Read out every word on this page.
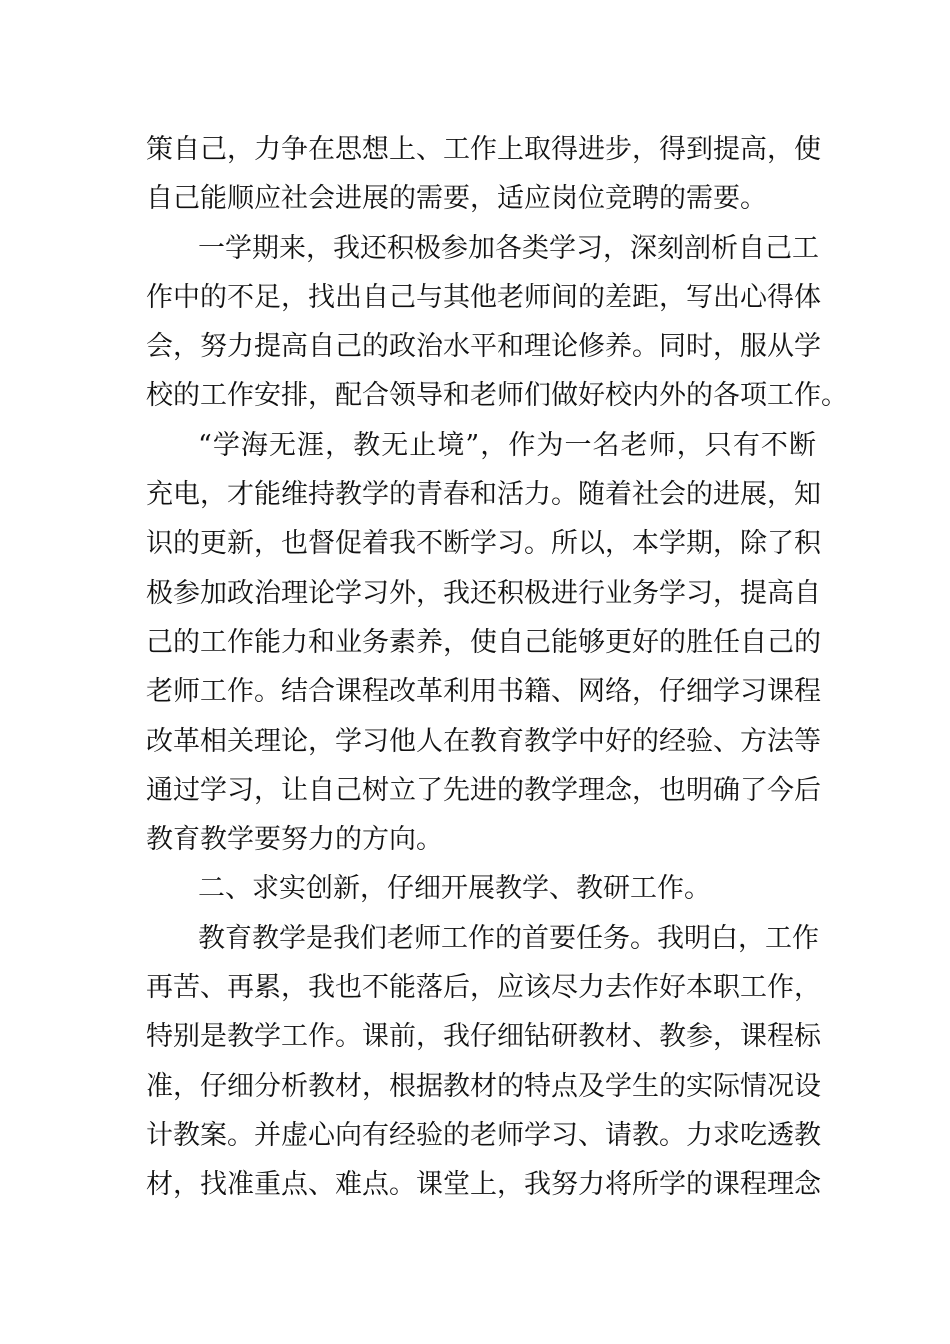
策自己，力争在思想上、工作上取得进步，得到提高，使
自己能顺应社会进展的需要，适应岗位竞聘的需要。
一学期来，我还积极参加各类学习，深刻剖析自己工
作中的不足，找出自己与其他老师间的差距，写出心得体
会，努力提高自己的政治水平和理论修养。同时，服从学
校的工作安排，配合领导和老师们做好校内外的各项工作。
“学海无涯，教无止境”，作为一名老师，只有不断
充电，才能维持教学的青春和活力。随着社会的进展，知
识的更新，也督促着我不断学习。所以，本学期，除了积
极参加政治理论学习外，我还积极进行业务学习，提高自
己的工作能力和业务素养，使自己能够更好的胜任自己的
老师工作。结合课程改革利用书籍、网络，仔细学习课程
改革相关理论，学习他人在教育教学中好的经验、方法等
通过学习，让自己树立了先进的教学理念，也明确了今后
教育教学要努力的方向。
二、求实创新，仔细开展教学、教研工作。
教育教学是我们老师工作的首要任务。我明白，工作
再苦、再累，我也不能落后，应该尽力去作好本职工作，
特别是教学工作。课前，我仔细钻研教材、教参，课程标
准，仔细分析教材，根据教材的特点及学生的实际情况设
计教案。并虚心向有经验的老师学习、请教。力求吃透教
材，找准重点、难点。课堂上，我努力将所学的课程理念
